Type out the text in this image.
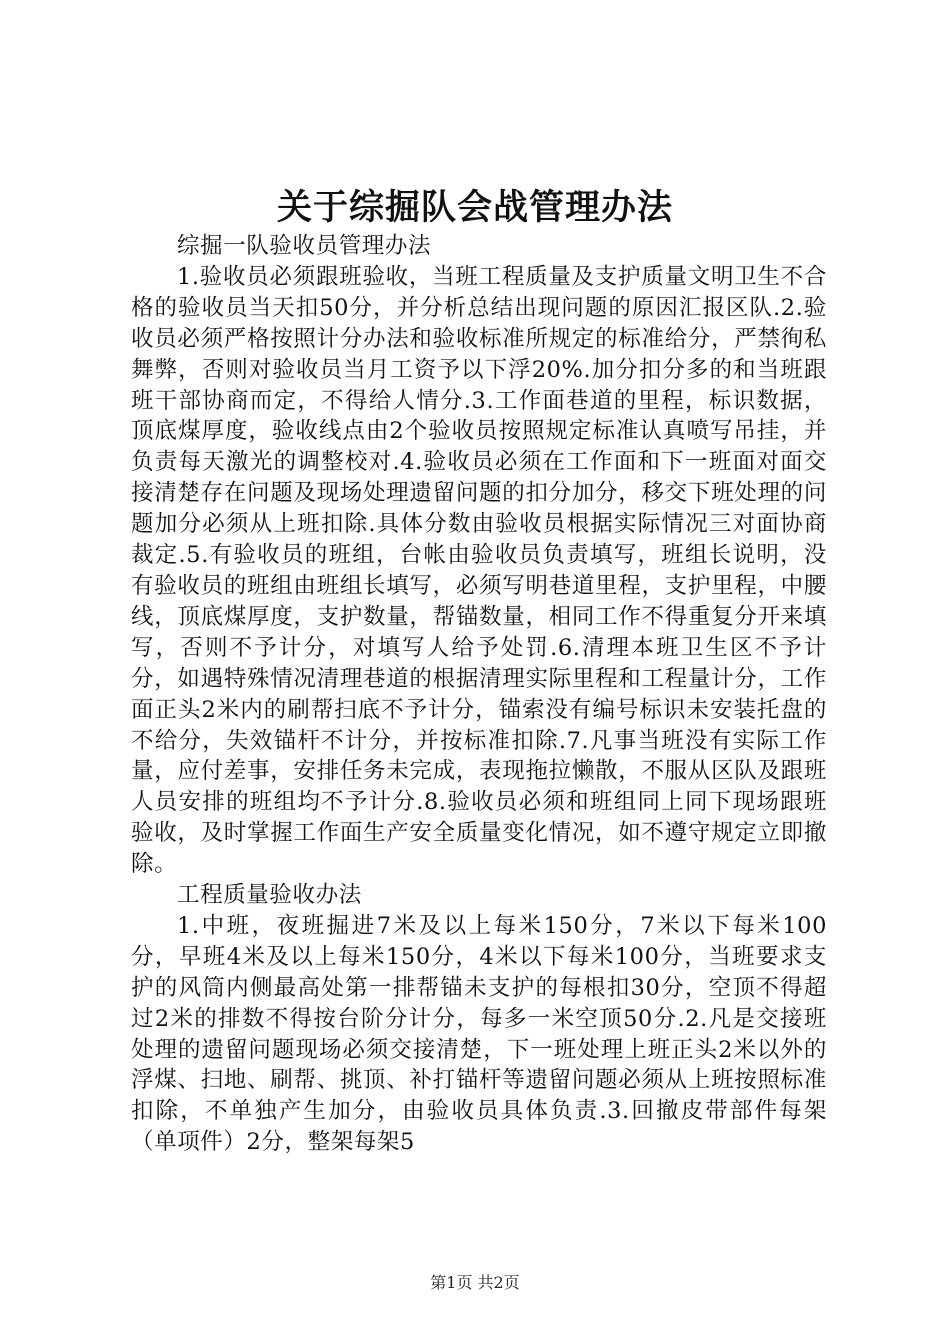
关于综掘队会战管理办法

综掘一队验收员管理办法

1.验收员必须跟班验收，当班工程质量及支护质量文明卫生不合格的验收员当天扣50分，并分析总结出现问题的原因汇报区队.2.验收员必须严格按照计分办法和验收标准所规定的标准给分，严禁徇私舞弊，否则对验收员当月工资予以下浮20%.加分扣分多的和当班跟班干部协商而定，不得给人情分.3.工作面巷道的里程，标识数据，顶底煤厚度，验收线点由2个验收员按照规定标准认真喷写吊挂，并负责每天激光的调整校对.4.验收员必须在工作面和下一班面对面交接清楚存在问题及现场处理遗留问题的扣分加分，移交下班处理的问题加分必须从上班扣除.具体分数由验收员根据实际情况三对面协商裁定.5.有验收员的班组，台帐由验收员负责填写，班组长说明，没有验收员的班组由班组长填写，必须写明巷道里程，支护里程，中腰线，顶底煤厚度，支护数量，帮锚数量，相同工作不得重复分开来填写，否则不予计分，对填写人给予处罚.6.清理本班卫生区不予计分，如遇特殊情况清理巷道的根据清理实际里程和工程量计分，工作面正头2米内的刷帮扫底不予计分，锚索没有编号标识未安装托盘的不给分，失效锚杆不计分，并按标准扣除.7.凡事当班没有实际工作量，应付差事，安排任务未完成，表现拖拉懒散，不服从区队及跟班人员安排的班组均不予计分.8.验收员必须和班组同上同下现场跟班验收，及时掌握工作面生产安全质量变化情况，如不遵守规定立即撤除。

工程质量验收办法

1.中班，夜班掘进7米及以上每米150分，7米以下每米100分，早班4米及以上每米150分，4米以下每米100分，当班要求支护的风筒内侧最高处第一排帮锚未支护的每根扣30分，空顶不得超过2米的排数不得按台阶分计分，每多一米空顶50分.2.凡是交接班处理的遗留问题现场必须交接清楚，下一班处理上班正头2米以外的浮煤、扫地、刷帮、挑顶、补打锚杆等遗留问题必须从上班按照标准扣除，不单独产生加分，由验收员具体负责.3.回撤皮带部件每架（单项件）2分，整架每架5

第1页 共2页
